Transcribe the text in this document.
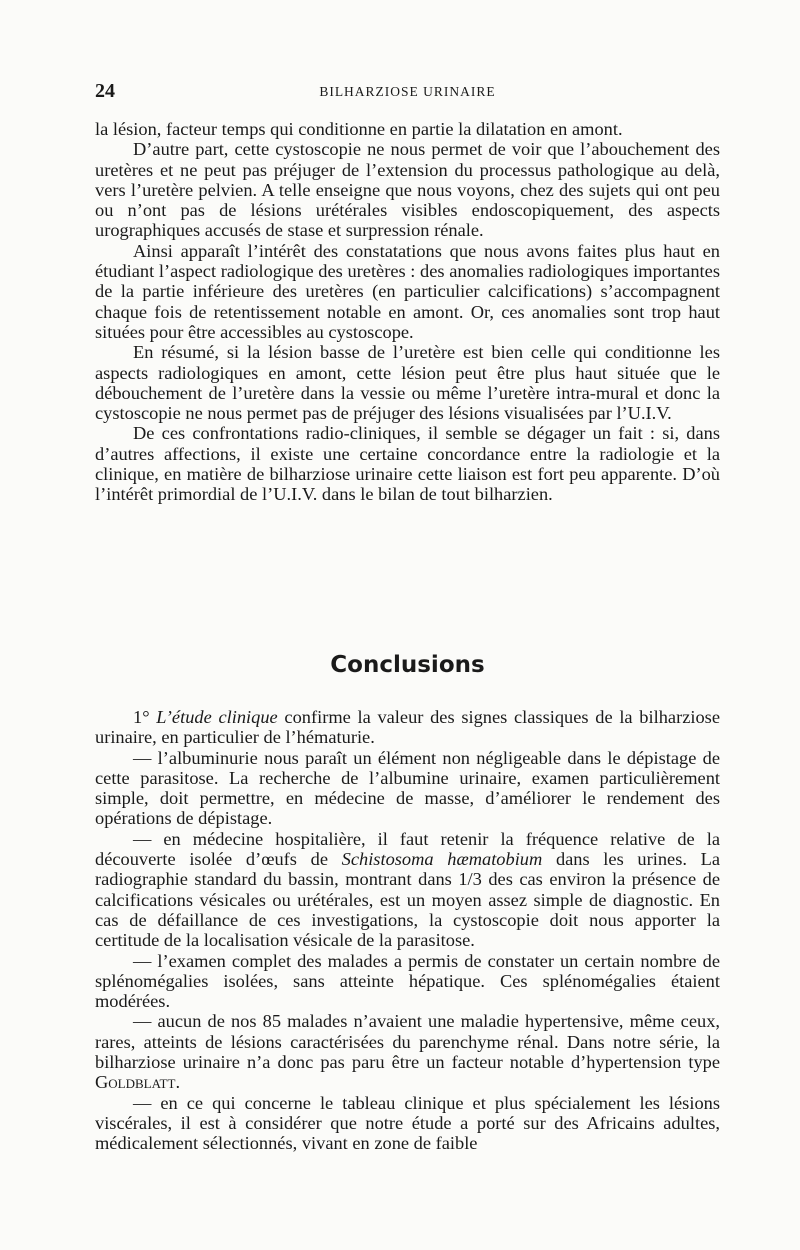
24	BILHARZIOSE URINAIRE

la lésion, facteur temps qui conditionne en partie la dilatation en amont.

D’autre part, cette cystoscopie ne nous permet de voir que l’abouchement des uretères et ne peut pas préjuger de l’extension du processus pathologique au delà, vers l’uretère pelvien. A telle enseigne que nous voyons, chez des sujets qui ont peu ou n’ont pas de lésions urétérales visibles endoscopiquement, des aspects urographiques accusés de stase et surpression rénale.

Ainsi apparaît l’intérêt des constatations que nous avons faites plus haut en étudiant l’aspect radiologique des uretères : des anomalies radiologiques importantes de la partie inférieure des uretères (en particulier calcifications) s’accompagnent chaque fois de retentissement notable en amont. Or, ces anomalies sont trop haut situées pour être accessibles au cystoscope.

En résumé, si la lésion basse de l’uretère est bien celle qui conditionne les aspects radiologiques en amont, cette lésion peut être plus haut située que le débouchement de l’uretère dans la vessie ou même l’uretère intra-mural et donc la cystoscopie ne nous permet pas de préjuger des lésions visualisées par l’U.I.V.

De ces confrontations radio-cliniques, il semble se dégager un fait : si, dans d’autres affections, il existe une certaine concordance entre la radiologie et la clinique, en matière de bilharziose urinaire cette liaison est fort peu apparente. D’où l’intérêt primordial de l’U.I.V. dans le bilan de tout bilharzien.

Conclusions

1° L’étude clinique confirme la valeur des signes classiques de la bilharziose urinaire, en particulier de l’hématurie.

— l’albuminurie nous paraît un élément non négligeable dans le dépistage de cette parasitose. La recherche de l’albumine urinaire, examen particulièrement simple, doit permettre, en médecine de masse, d’améliorer le rendement des opérations de dépistage.

— en médecine hospitalière, il faut retenir la fréquence relative de la découverte isolée d’œufs de Schistosoma hæmatobium dans les urines. La radiographie standard du bassin, montrant dans 1/3 des cas environ la présence de calcifications vésicales ou urétérales, est un moyen assez simple de diagnostic. En cas de défaillance de ces investigations, la cystoscopie doit nous apporter la certitude de la localisation vésicale de la parasitose.

— l’examen complet des malades a permis de constater un certain nombre de splénomégalies isolées, sans atteinte hépatique. Ces splénomégalies étaient modérées.

— aucun de nos 85 malades n’avaient une maladie hypertensive, même ceux, rares, atteints de lésions caractérisées du parenchyme rénal. Dans notre série, la bilharziose urinaire n’a donc pas paru être un facteur notable d’hypertension type Goldblatt.

— en ce qui concerne le tableau clinique et plus spécialement les lésions viscérales, il est à considérer que notre étude a porté sur des Africains adultes, médicalement sélectionnés, vivant en zone de faible
